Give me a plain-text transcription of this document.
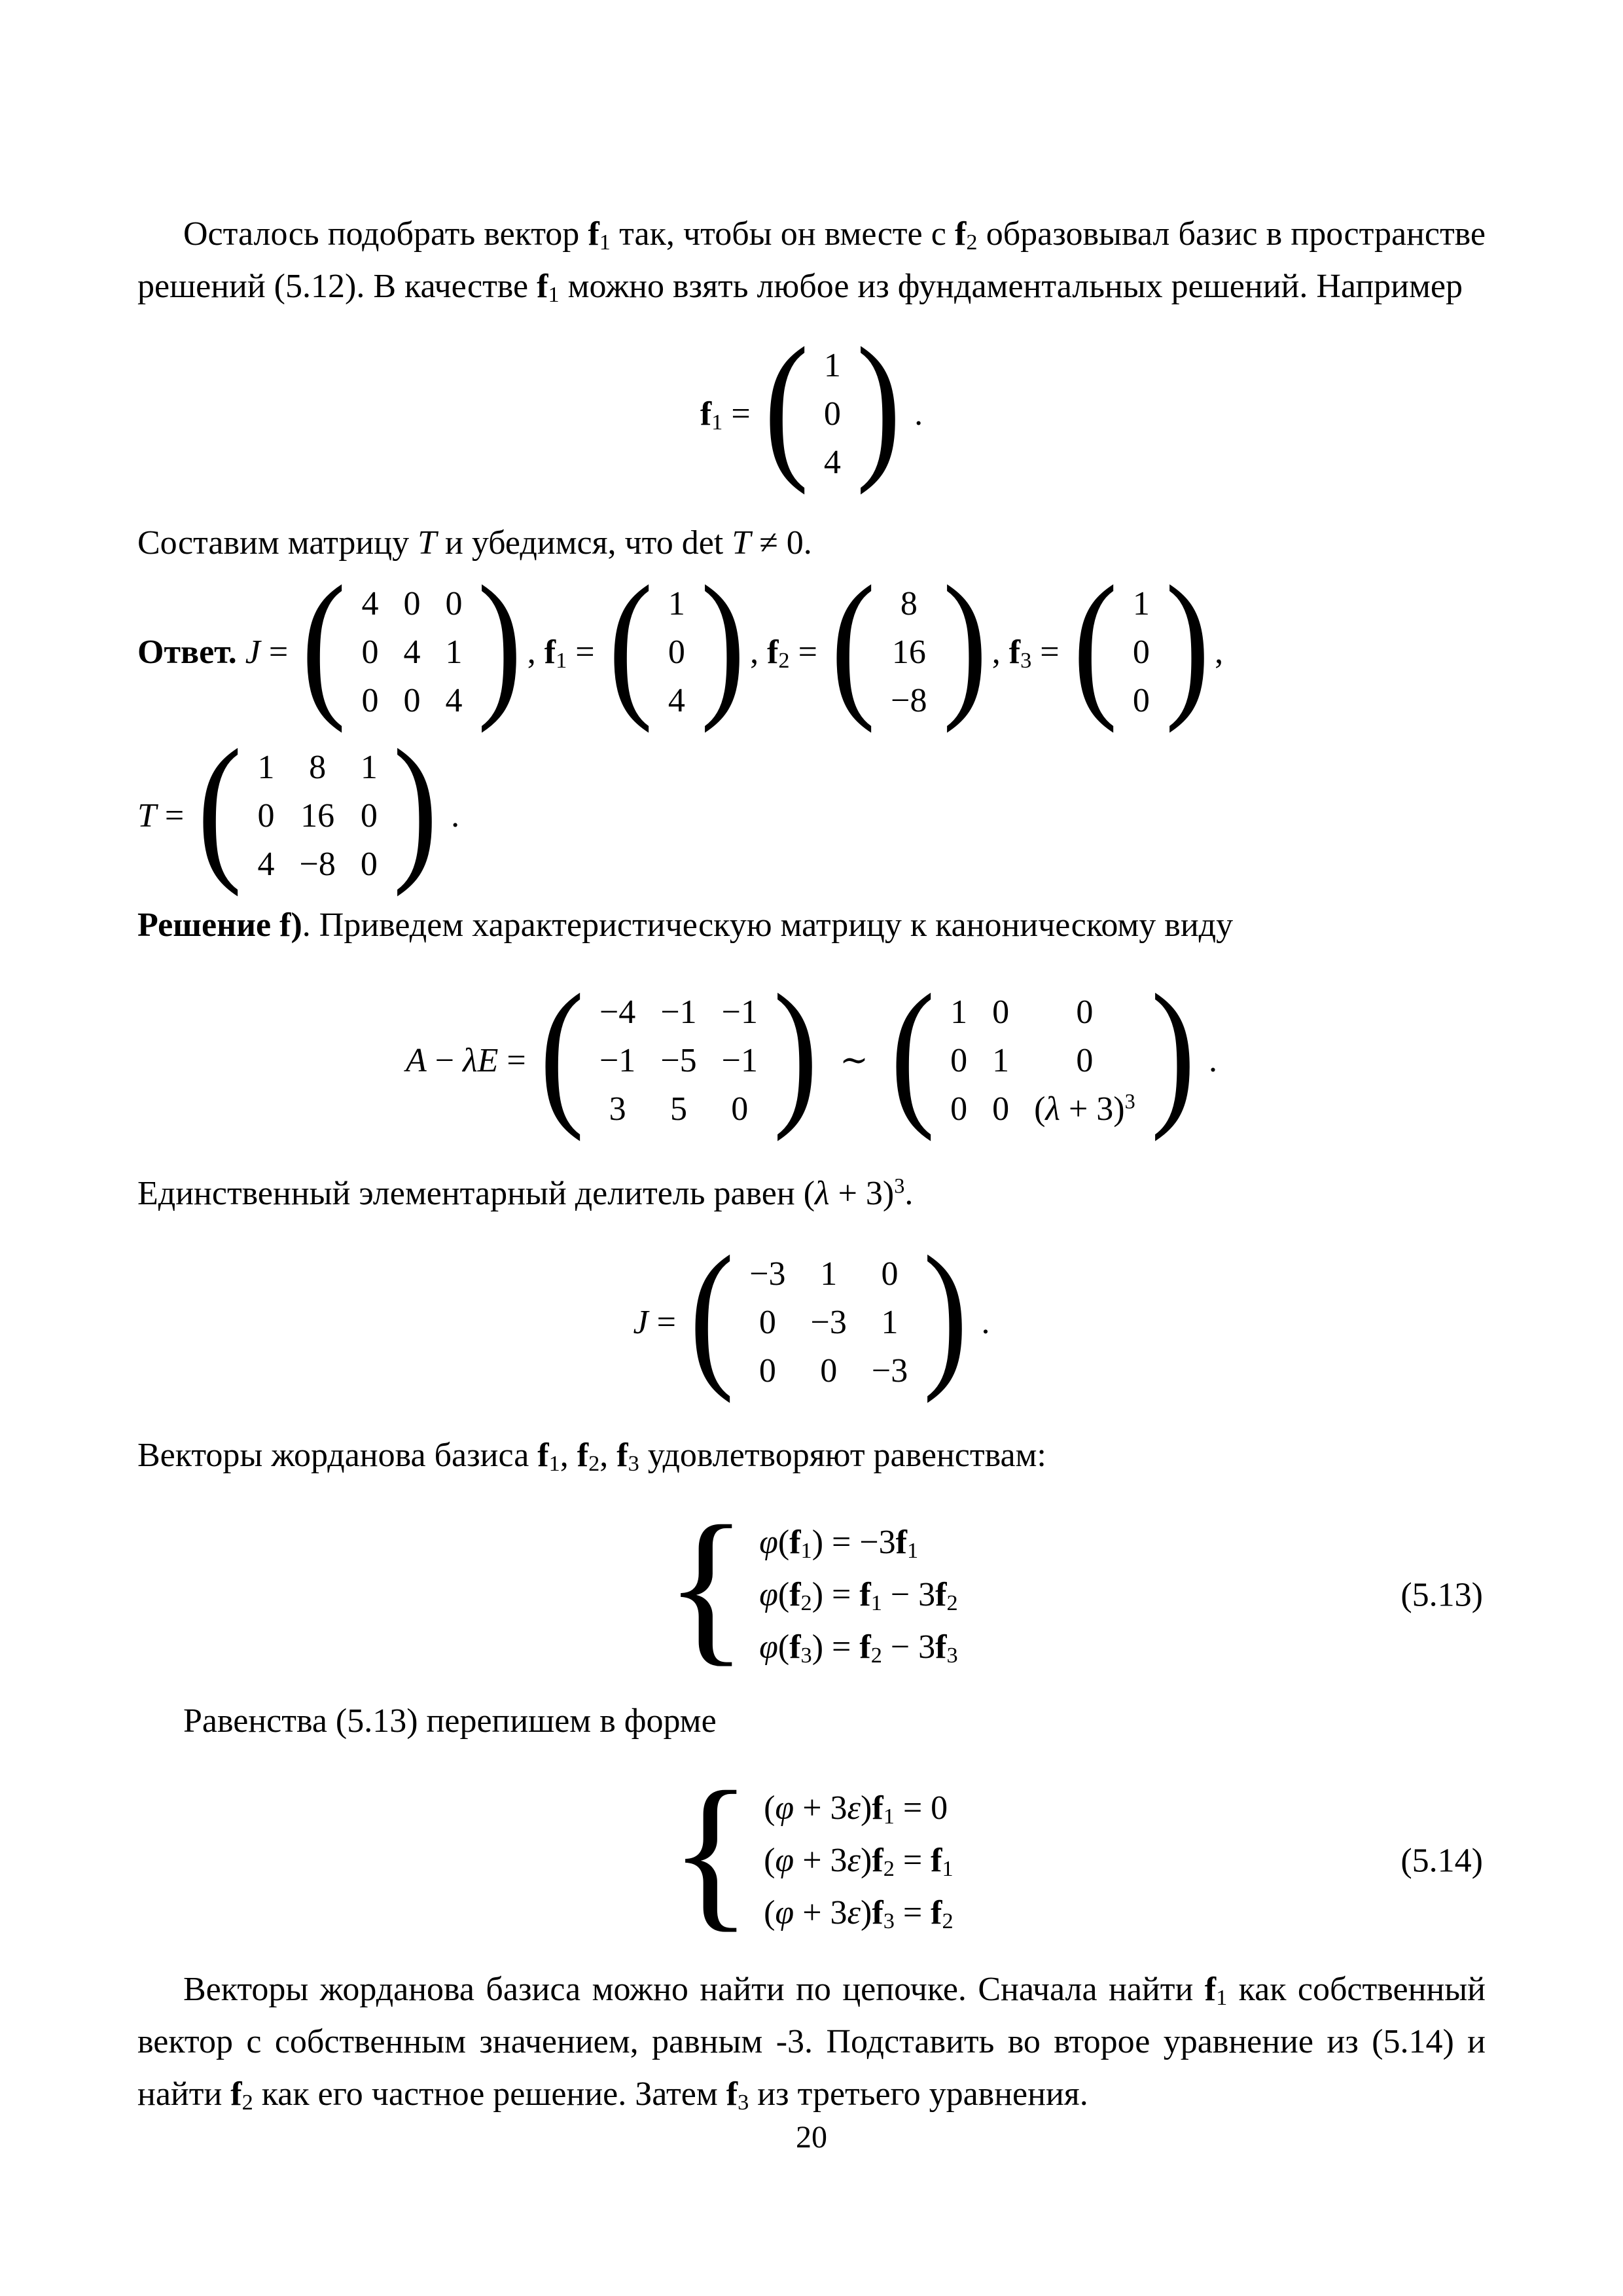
Осталось подобрать вектор $f_1$ так, чтобы он вместе с $f_2$ образовывал базис в пространстве решений (5.12). В качестве $f_1$ можно взять любое из фундаментальных решений. Например

$f_1$ = ( 1
0
4 ) .

Составим матрицу T и убедимся, что det T ≠ 0.

Ответ. J = ( 4 0 0
0 4 1
0 0 4 ) , $f_1$ = ( 1
0
4 ) , $f_2$ = ( 8
16
−8 ) , $f_3$ = ( 1
0
0 ) ,
T = ( 1 8 1
0 16 0
4 −8 0 ) .

Решение f). Приведем характеристическую матрицу к каноническому виду

A − λE = ( −4 −1 −1
−1 −5 −1
3 5 0 ) ∼ ( 1 0 0
0 1 0
0 0 $(\lambda + 3)^3$ ) .

Единственный элементарный делитель равен $(\lambda + 3)^3$.

J = ( −3 1 0
0 −3 1
0 0 −3 ) .

Векторы жорданова базиса $f_1$, $f_2$, $f_3$ удовлетворяют равенствам:

{ $\varphi(f_1) = -3f_1$
$\varphi(f_2) = f_1 - 3f_2$
$\varphi(f_3) = f_2 - 3f_3$
(5.13)

Равенства (5.13) перепишем в форме

{ $(\varphi + 3\varepsilon)f_1 = 0$
$(\varphi + 3\varepsilon)f_2 = f_1$
$(\varphi + 3\varepsilon)f_3 = f_2$
(5.14)

Векторы жорданова базиса можно найти по цепочке. Сначала найти $f_1$ как собственный вектор с собственным значением, равным -3. Подставить во второе уравнение из (5.14) и найти $f_2$ как его частное решение. Затем $f_3$ из третьего уравнения.

20
